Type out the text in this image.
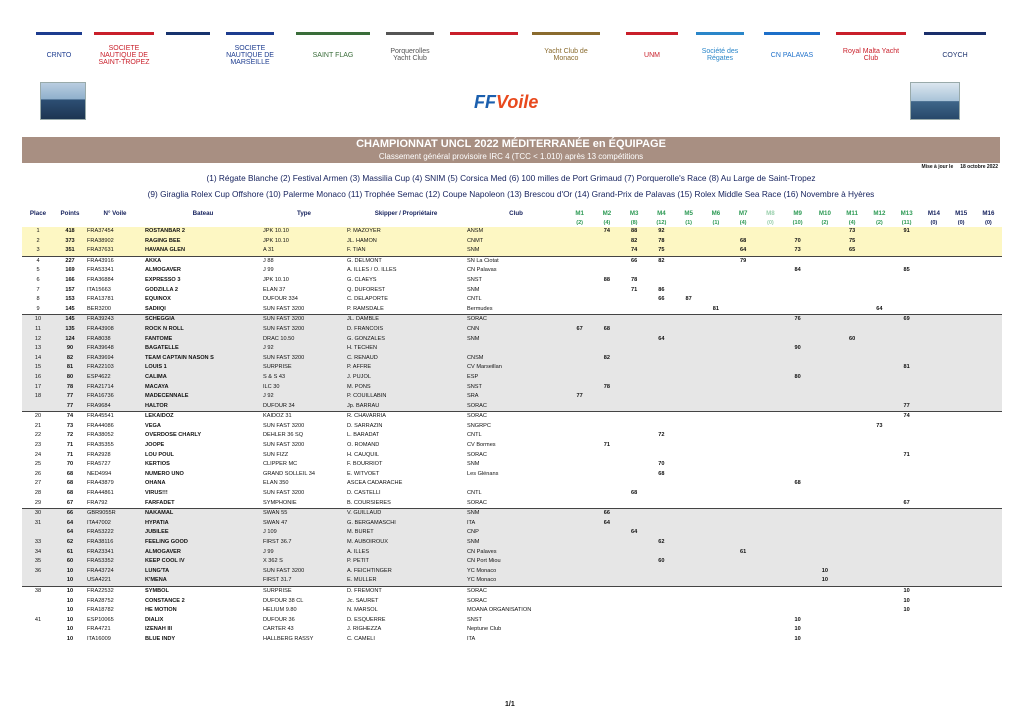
CRNTO
SOCIETE NAUTIQUE DE SAINT-TROPEZ
SOCIETE NAUTIQUE DE MARSEILLE
SAINT FLAG	Porquerolles Yacht Club
Yacht Club de Monaco	UNM	Société des Régates	CN PALAVAS	Royal Malta Yacht Club	COYCH
FFVoile
CHAMPIONNAT UNCL 2022 MÉDITERRANÉE en ÉQUIPAGE
Classement général provisoire IRC 4 (TCC < 1.010) après 13 compétitions
Mise à jour le 18 octobre 2022
(1) Régate Blanche (2) Festival Armen (3) Massilia Cup (4) SNIM (5) Corsica Med (6) 100 milles de Port Grimaud (7) Porquerolle's Race (8) Au Large de Saint-Tropez
(9) Giraglia Rolex Cup Offshore (10) Palerme Monaco (11) Trophée Semac (12) Coupe Napoleon (13) Brescou d'Or (14) Grand-Prix de Palavas (15) Rolex Middle Sea Race (16) Novembre à Hyères
Place	Points	N° Voile	Bateau	Type	Skipper / Propriétaire	Club	M1	M2	M3	M4	M5	M6	M7	M8	M9	M10	M11	M12	M13	M14	M15	M16
							(2)	(4)	(8)	(12)	(1)	(1)	(4)	(0)	(10)	(2)	(4)	(2)	(11)	(0)	(0)	(0)
1	418	FRA37454	ROSTANBAR 2	JPK 10.10	P. MAZOYER	ANSM		74	88	92							73		91			
2	373	FRA38902	RAGING BEE	JPK 10.10	JL. HAMON	CNMT			82	78			68		70		75					
3	351	FRA37631	HAVANA GLEN	A 31	F. TIAN	SNM			74	75			64		73		65					
4	227	FRA43916	AKKA	J 88	G. DELMONT	SN La Ciotat			66	82			79									
5	169	FRA53341	ALMOGAVER	J 99	A. ILLES / O. ILLES	CN Palavas									84				85			
6	166	FRA36884	EXPRESSO 3	JPK 10.10	G. CLAEYS	SNST		88	78													
7	157	ITA15663	GODZILLA 2	ELAN 37	Q. DUFOREST	SNM			71	86												
8	153	FRA13781	EQUINOX	DUFOUR 334	C. DELAPORTE	CNTL				66	87											
9	145	BER3200	SADIIQI	SUN FAST 3200	P. RAMSDALE	Bermudes						81						64				
10	145	FRA39243	SCHEGGIA	SUN FAST 3200	JL. DAMBLE	SORAC									76				69			
11	135	FRA43908	ROCK N ROLL	SUN FAST 3200	D. FRANCOIS	CNN	67	68														
12	124	FRA8038	FANTOME	DRAC 10.50	G. GONZALES	SNM				64							60					
13	90	FRA39648	BAGATELLE	J 92	H. TECHEN										90							
14	82	FRA39694	TEAM CAPTAIN NASON S	SUN FAST 3200	C. RENAUD	CNSM		82														
15	81	FRA22103	LOUIS 1	SURPRISE	P. AFFRE	CV Marseillan													81			
16	80	ESP4622	CALIMA	S & S 43	J. PUJOL	ESP									80							
17	78	FRA21714	MACAYA	ILC 30	M. PONS	SNST		78														
18	77	FRA16736	MADECENNALE	J 92	P. COUILLABIN	SRA	77															
	77	FRA9684	HALTOR	DUFOUR 34	Jp. BARRAU	SORAC													77			
20	74	FRA45541	LEKAIDOZ	KAIDOZ 31	R. CHAVARRIA	SORAC													74			
21	73	FRA44086	VEGA	SUN FAST 3200	D. SARRAZIN	SNGRPC												73				
22	72	FRA38052	OVERDOSE CHARLY	DEHLER 36 SQ	L. BARADAT	CNTL				72												
23	71	FRA35355	JOOPE	SUN FAST 3200	O. ROMAND	CV Bormes		71														
24	71	FRA2928	LOU POUL	SUN FIZZ	H. CAUQUIL	SORAC													71			
25	70	FRA5727	KERTIOS	CLIPPER MC	F. BOURRIOT	SNM				70												
26	68	NED4994	NUMERO UNO	GRAND SOLLEIL 34	E. WITVOET	Les Glénans				68												
27	68	FRA43879	OHANA	ELAN 350	ASCEA CADARACHE										68							
28	68	FRA44861	VIRUS!!!	SUN FAST 3200	D. CASTELLI	CNTL			68													
29	67	FRA792	FARFADET	SYMPHONIE	B. COURSIERES	SORAC													67			
30	66	GBR9055R	NAKAMAL	SWAN 55	V. GUILLAUD	SNM		66														
31	64	ITA47002	HYPATIA	SWAN 47	G. BERGAMASCHI	ITA		64														
	64	FRA53222	JUBILEE	J 109	M. BURET	CNP			64													
33	62	FRA38116	FEELING GOOD	FIRST 36.7	M. AUBOIROUX	SNM				62												
34	61	FRA23341	ALMOGAVER	J 99	A. ILLES	CN Palaves							61									
35	60	FRA53352	KEEP COOL IV	X 362 S	P. PETIT	CN Port Miou				60												
36	10	FRA43724	LUNG'TA	SUN FAST 3200	A. FEICHTINGER	YC Monaco										10						
	10	USA4221	K'MENA	FIRST 31.7	E. MULLER	YC Monaco										10						
38	10	FRA22532	SYMBOL	SURPRISE	D. FREMONT	SORAC													10			
	10	FRA28752	CONSTANCE 2	DUFOUR 38 CL	Jc. SAURET	SORAC													10			
	10	FRA18782	HE MOTION	HELIUM 9.80	N. MARSOL	MOANA ORGANISATION													10			
41	10	ESP10065	DIALIX	DUFOUR 36	D. ESQUERRE	SNST									10							
	10	FRA4721	IZENAH III	CARTER 43	J. RIGHEZZA	Neptune Club									10							
	10	ITA16009	BLUE INDY	HALLBERG RASSY	C. CAMELI	ITA									10							
1/1
